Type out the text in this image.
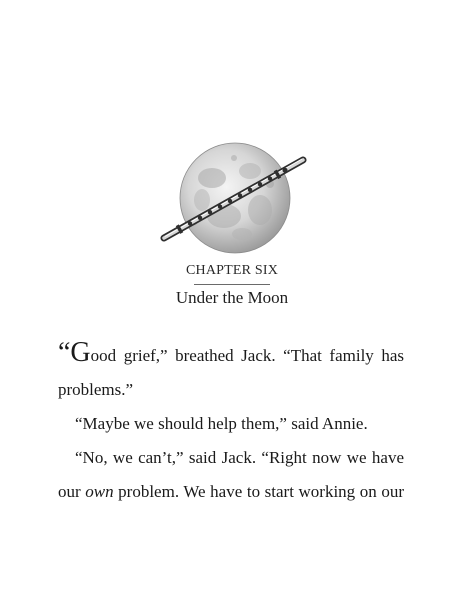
CHAPTER SIX
Under the Moon

“Good grief,” breathed Jack. “That family has
problems.”

“Maybe we should help them,” said Annie.

“No, we can’t,” said Jack. “Right now we have
our own problem. We have to start working on our
